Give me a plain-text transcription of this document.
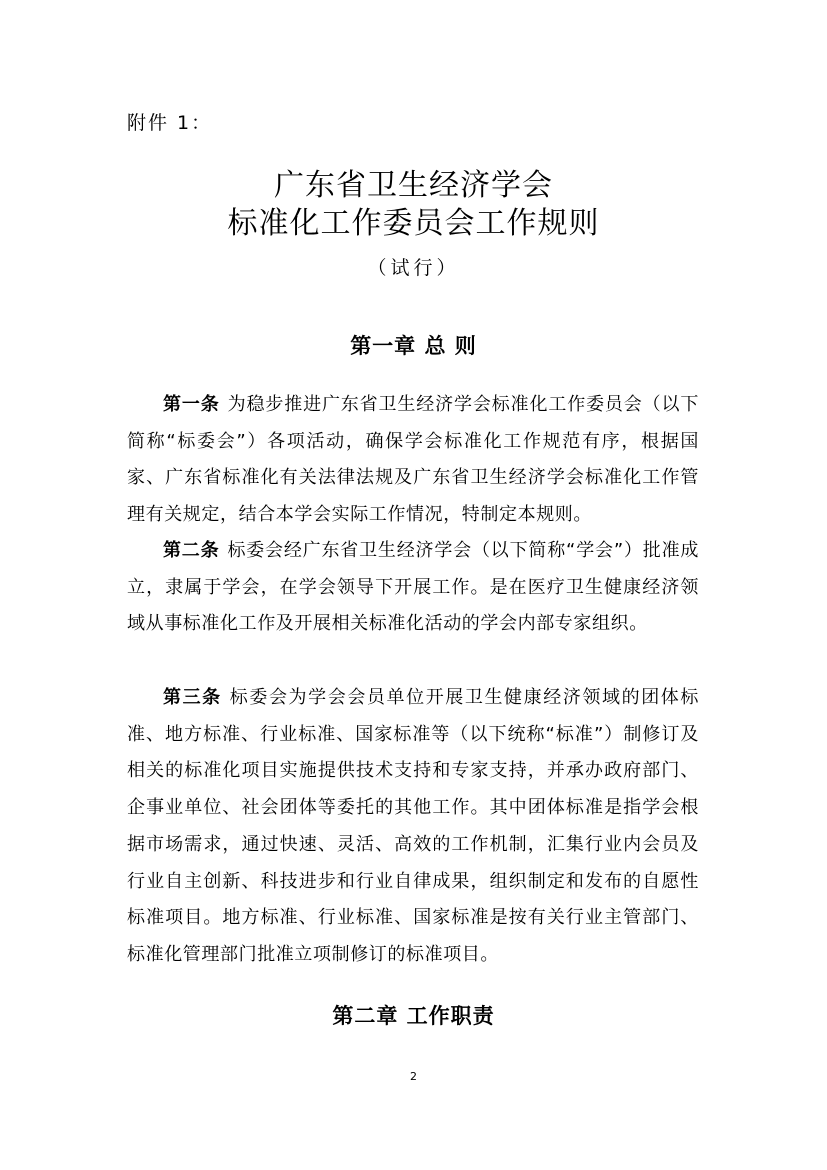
附件 1：
广东省卫生经济学会
标准化工作委员会工作规则
（试行）
第一章 总 则
第一条 为稳步推进广东省卫生经济学会标准化工作委员会（以下简称“标委会”）各项活动，确保学会标准化工作规范有序，根据国家、广东省标准化有关法律法规及广东省卫生经济学会标准化工作管理有关规定，结合本学会实际工作情况，特制定本规则。
第二条 标委会经广东省卫生经济学会（以下简称“学会”）批准成立，隶属于学会，在学会领导下开展工作。是在医疗卫生健康经济领域从事标准化工作及开展相关标准化活动的学会内部专家组织。
第三条 标委会为学会会员单位开展卫生健康经济领域的团体标准、地方标准、行业标准、国家标准等（以下统称“标准”）制修订及相关的标准化项目实施提供技术支持和专家支持，并承办政府部门、企事业单位、社会团体等委托的其他工作。其中团体标准是指学会根据市场需求，通过快速、灵活、高效的工作机制，汇集行业内会员及行业自主创新、科技进步和行业自律成果，组织制定和发布的自愿性标准项目。地方标准、行业标准、国家标准是按有关行业主管部门、标准化管理部门批准立项制修订的标准项目。
第二章 工作职责
2
